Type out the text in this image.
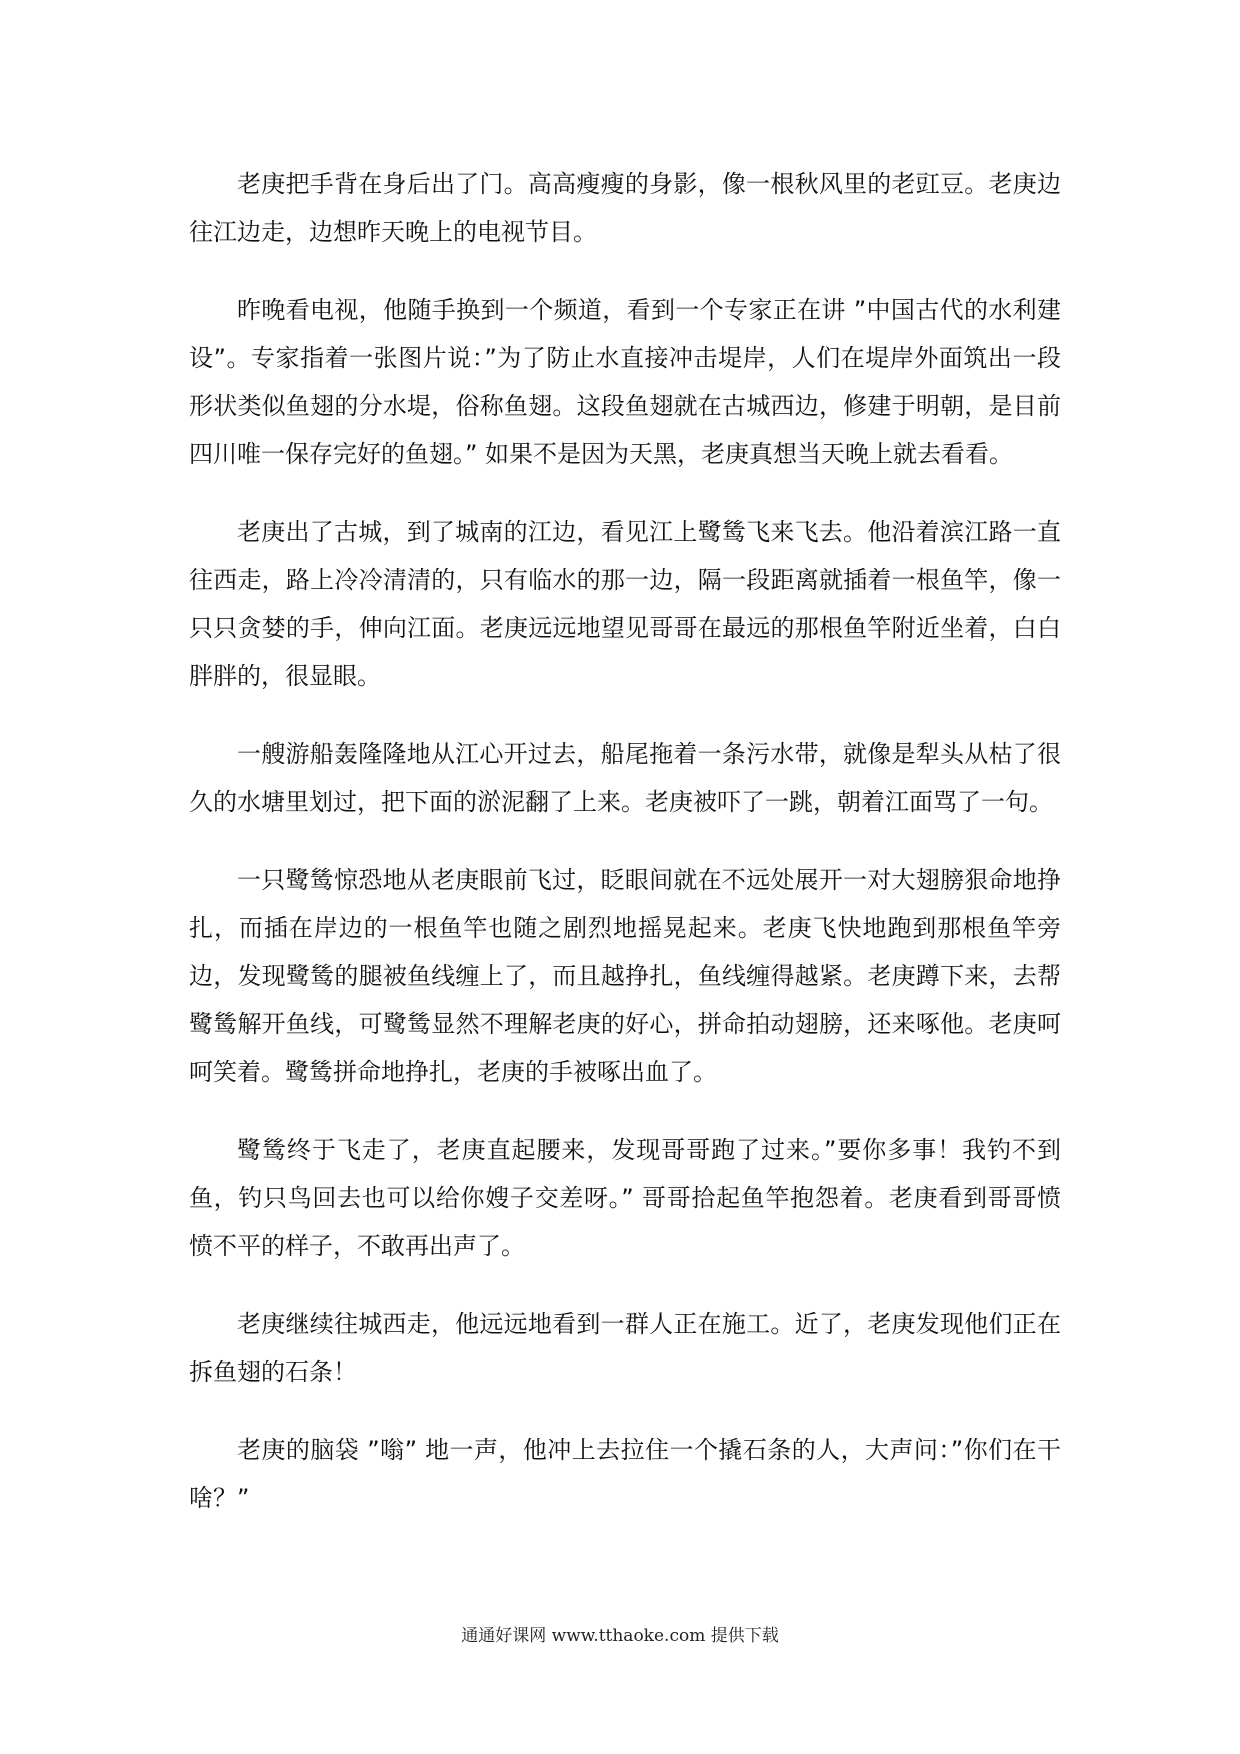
老庚把手背在身后出了门。高高瘦瘦的身影，像一根秋风里的老豇豆。老庚边往江边走，边想昨天晚上的电视节目。

昨晚看电视，他随手换到一个频道，看到一个专家正在讲 ”中国古代的水利建设”。专家指着一张图片说：”为了防止水直接冲击堤岸，人们在堤岸外面筑出一段形状类似鱼翅的分水堤，俗称鱼翅。这段鱼翅就在古城西边，修建于明朝，是目前四川唯一保存完好的鱼翅。” 如果不是因为天黑，老庚真想当天晚上就去看看。

老庚出了古城，到了城南的江边，看见江上鹭鸶飞来飞去。他沿着滨江路一直往西走，路上冷冷清清的，只有临水的那一边，隔一段距离就插着一根鱼竿，像一只只贪婪的手，伸向江面。老庚远远地望见哥哥在最远的那根鱼竿附近坐着，白白胖胖的，很显眼。

一艘游船轰隆隆地从江心开过去，船尾拖着一条污水带，就像是犁头从枯了很久的水塘里划过，把下面的淤泥翻了上来。老庚被吓了一跳，朝着江面骂了一句。

一只鹭鸶惊恐地从老庚眼前飞过，眨眼间就在不远处展开一对大翅膀狠命地挣扎，而插在岸边的一根鱼竿也随之剧烈地摇晃起来。老庚飞快地跑到那根鱼竿旁边，发现鹭鸶的腿被鱼线缠上了，而且越挣扎，鱼线缠得越紧。老庚蹲下来，去帮鹭鸶解开鱼线，可鹭鸶显然不理解老庚的好心，拼命拍动翅膀，还来啄他。老庚呵呵笑着。鹭鸶拼命地挣扎，老庚的手被啄出血了。

鹭鸶终于飞走了，老庚直起腰来，发现哥哥跑了过来。”要你多事！我钓不到鱼，钓只鸟回去也可以给你嫂子交差呀。” 哥哥拾起鱼竿抱怨着。老庚看到哥哥愤愤不平的样子，不敢再出声了。

老庚继续往城西走，他远远地看到一群人正在施工。近了，老庚发现他们正在拆鱼翅的石条！

老庚的脑袋 ”嗡” 地一声，他冲上去拉住一个撬石条的人，大声问：”你们在干啥？”

通通好课网 www.tthaoke.com 提供下载
